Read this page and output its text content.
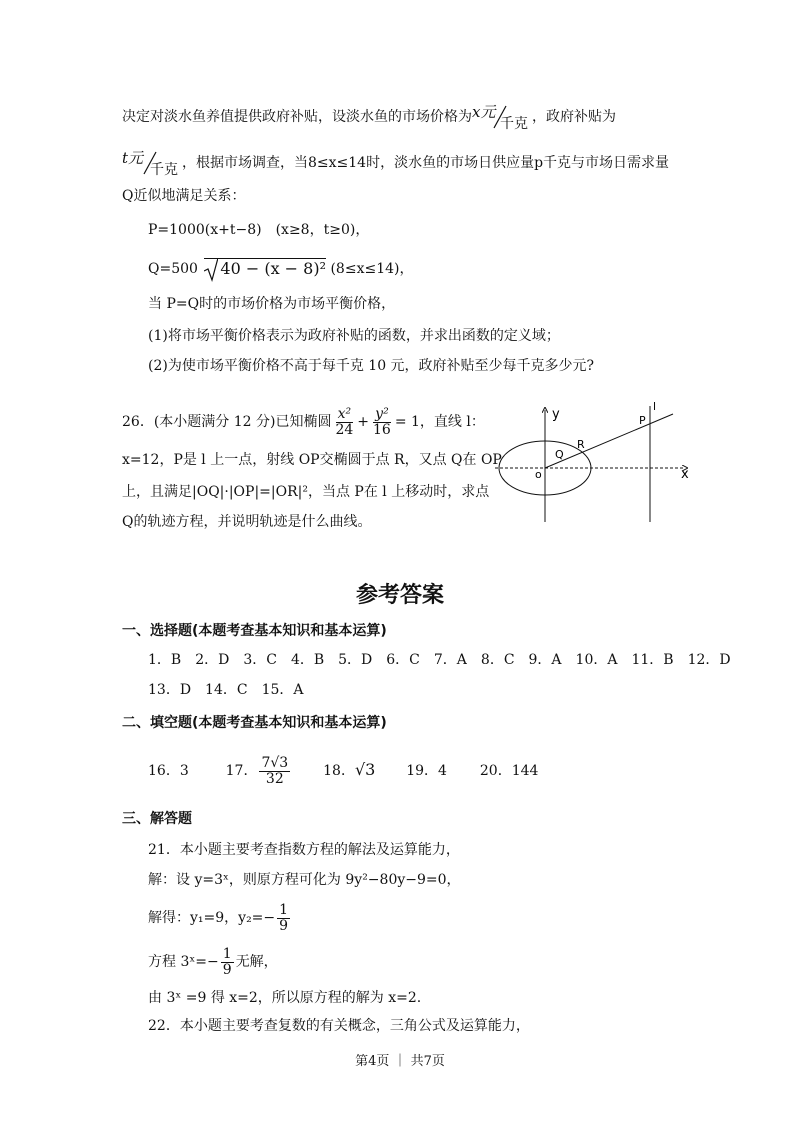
决定对淡水鱼养值提供政府补贴，设淡水鱼的市场价格为 x元
千克 ，政府补贴为
t元
千克 ，根据市场调查，当8≤x≤14时，淡水鱼的市场日供应量p千克与市场日需求量
Q近似地满足关系：
P=1000(x+t−8)　(x≥8，t≥0)，
Q=500 40 − (x − 8)² (8≤x≤14)，
当 P=Q时的市场价格为市场平衡价格，
(1)将市场平衡价格表示为政府补贴的函数，并求出函数的定义域；
(2)为使市场平衡价格不高于每千克 10 元，政府补贴至少每千克多少元?
26．(本小题满分 12 分)已知椭圆 $\frac{\text{x²}}{24} + \frac{\text{y²}}{16} = 1$，直线 l：
x=12，P是 l 上一点，射线 OP交椭圆于点 R，又点 Q在 OP
上，且满足|OQ|·|OP|=|OR|²，当点 P在 l 上移动时，求点
Q的轨迹方程，并说明轨迹是什么曲线。
y
x
o
Q
R
P
l
参考答案
一、选择题(本题考查基本知识和基本运算)
1．B　2．D　3．C　4．B　5．D　6．C　7．A　8．C　9．A　10．A　11．B　12．D
13．D　14．C　15．A
二、填空题(本题考查基本知识和基本运算)
16．3	17． $\frac{7√3}{32} 18$．√3 19．4 20．144
三、解答题
21．本小题主要考查指数方程的解法及运算能力，
解：设 y=3ˣ，则原方程可化为 9y²−80y−9=0，
解得：y₁=9，$y_2=- \frac{1}{9}$
方程 3ˣ=− $\frac{1}{9}$ 无解，
由 3ˣ =9 得 x=2，所以原方程的解为 x=2.
22．本小题主要考查复数的有关概念，三角公式及运算能力，
第4页 ｜ 共7页
